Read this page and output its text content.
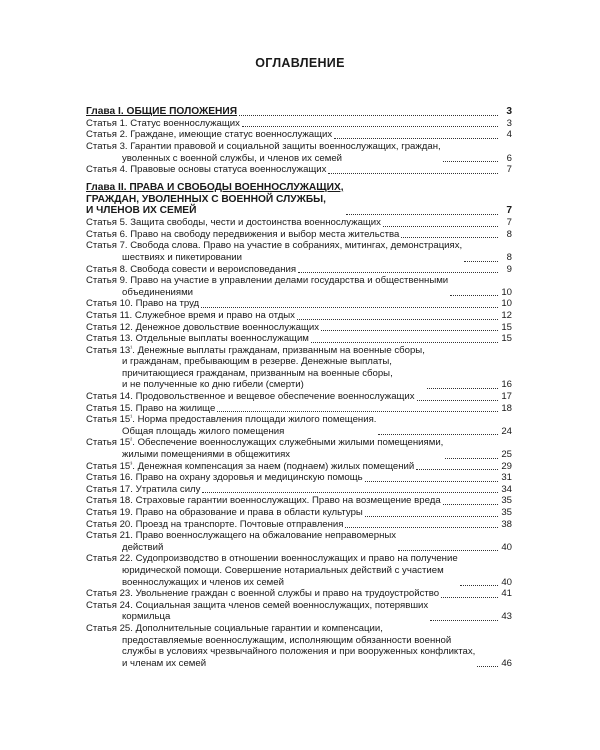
ОГЛАВЛЕНИЕ
Глава I. ОБЩИЕ ПОЛОЖЕНИЯ	3
Статья 1. Статус военнослужащих	3
Статья 2. Граждане, имеющие статус военнослужащих	4
Статья 3. Гарантии правовой и социальной защиты военнослужащих, граждан,
уволенных с военной службы, и членов их семей	6
Статья 4. Правовые основы статуса военнослужащих	7
Глава II. ПРАВА И СВОБОДЫ ВОЕННОСЛУЖАЩИХ,
ГРАЖДАН, УВОЛЕННЫХ С ВОЕННОЙ СЛУЖБЫ,
И ЧЛЕНОВ ИХ СЕМЕЙ	7
Статья 5. Защита свободы, чести и достоинства военнослужащих	7
Статья 6. Право на свободу передвижения и выбор места жительства	8
Статья 7. Свобода слова. Право на участие в собраниях, митингах, демонстрациях,
шествиях и пикетировании	8
Статья 8. Свобода совести и вероисповедания	9
Статья 9. Право на участие в управлении делами государства и общественными
объединениями	10
Статья 10. Право на труд	10
Статья 11. Служебное время и право на отдых	12
Статья 12. Денежное довольствие военнослужащих	15
Статья 13. Отдельные выплаты военнослужащим	15
Статья $13^{^1}$. Денежные выплаты гражданам, призванным на военные сборы,
и гражданам, пребывающим в резерве. Денежные выплаты,
причитающиеся гражданам, призванным на военные сборы,
и не полученные ко дню гибели (смерти)	16
Статья 14. Продовольственное и вещевое обеспечение военнослужащих	17
Статья 15. Право на жилище	18
Статья $15^{^1}$. Норма предоставления площади жилого помещения.
Общая площадь жилого помещения	24
Статья $15^{^2}$. Обеспечение военнослужащих служебными жилыми помещениями,
жилыми помещениями в общежитиях	25
Статья $15^{^3}$. Денежная компенсация за наем (поднаем) жилых помещений	29
Статья 16. Право на охрану здоровья и медицинскую помощь	31
Статья 17. Утратила силу	34
Статья 18. Страховые гарантии военнослужащих. Право на возмещение вреда	35
Статья 19. Право на образование и права в области культуры	35
Статья 20. Проезд на транспорте. Почтовые отправления	38
Статья 21. Право военнослужащего на обжалование неправомерных
действий	40
Статья 22. Судопроизводство в отношении военнослужащих и право на получение
юридической помощи. Совершение нотариальных действий с участием
военнослужащих и членов их семей	40
Статья 23. Увольнение граждан с военной службы и право на трудоустройство	41
Статья 24. Социальная защита членов семей военнослужащих, потерявших
кормильца	43
Статья 25. Дополнительные социальные гарантии и компенсации,
предоставляемые военнослужащим, исполняющим обязанности военной
службы в условиях чрезвычайного положения и при вооруженных конфликтах,
и членам их семей	46
